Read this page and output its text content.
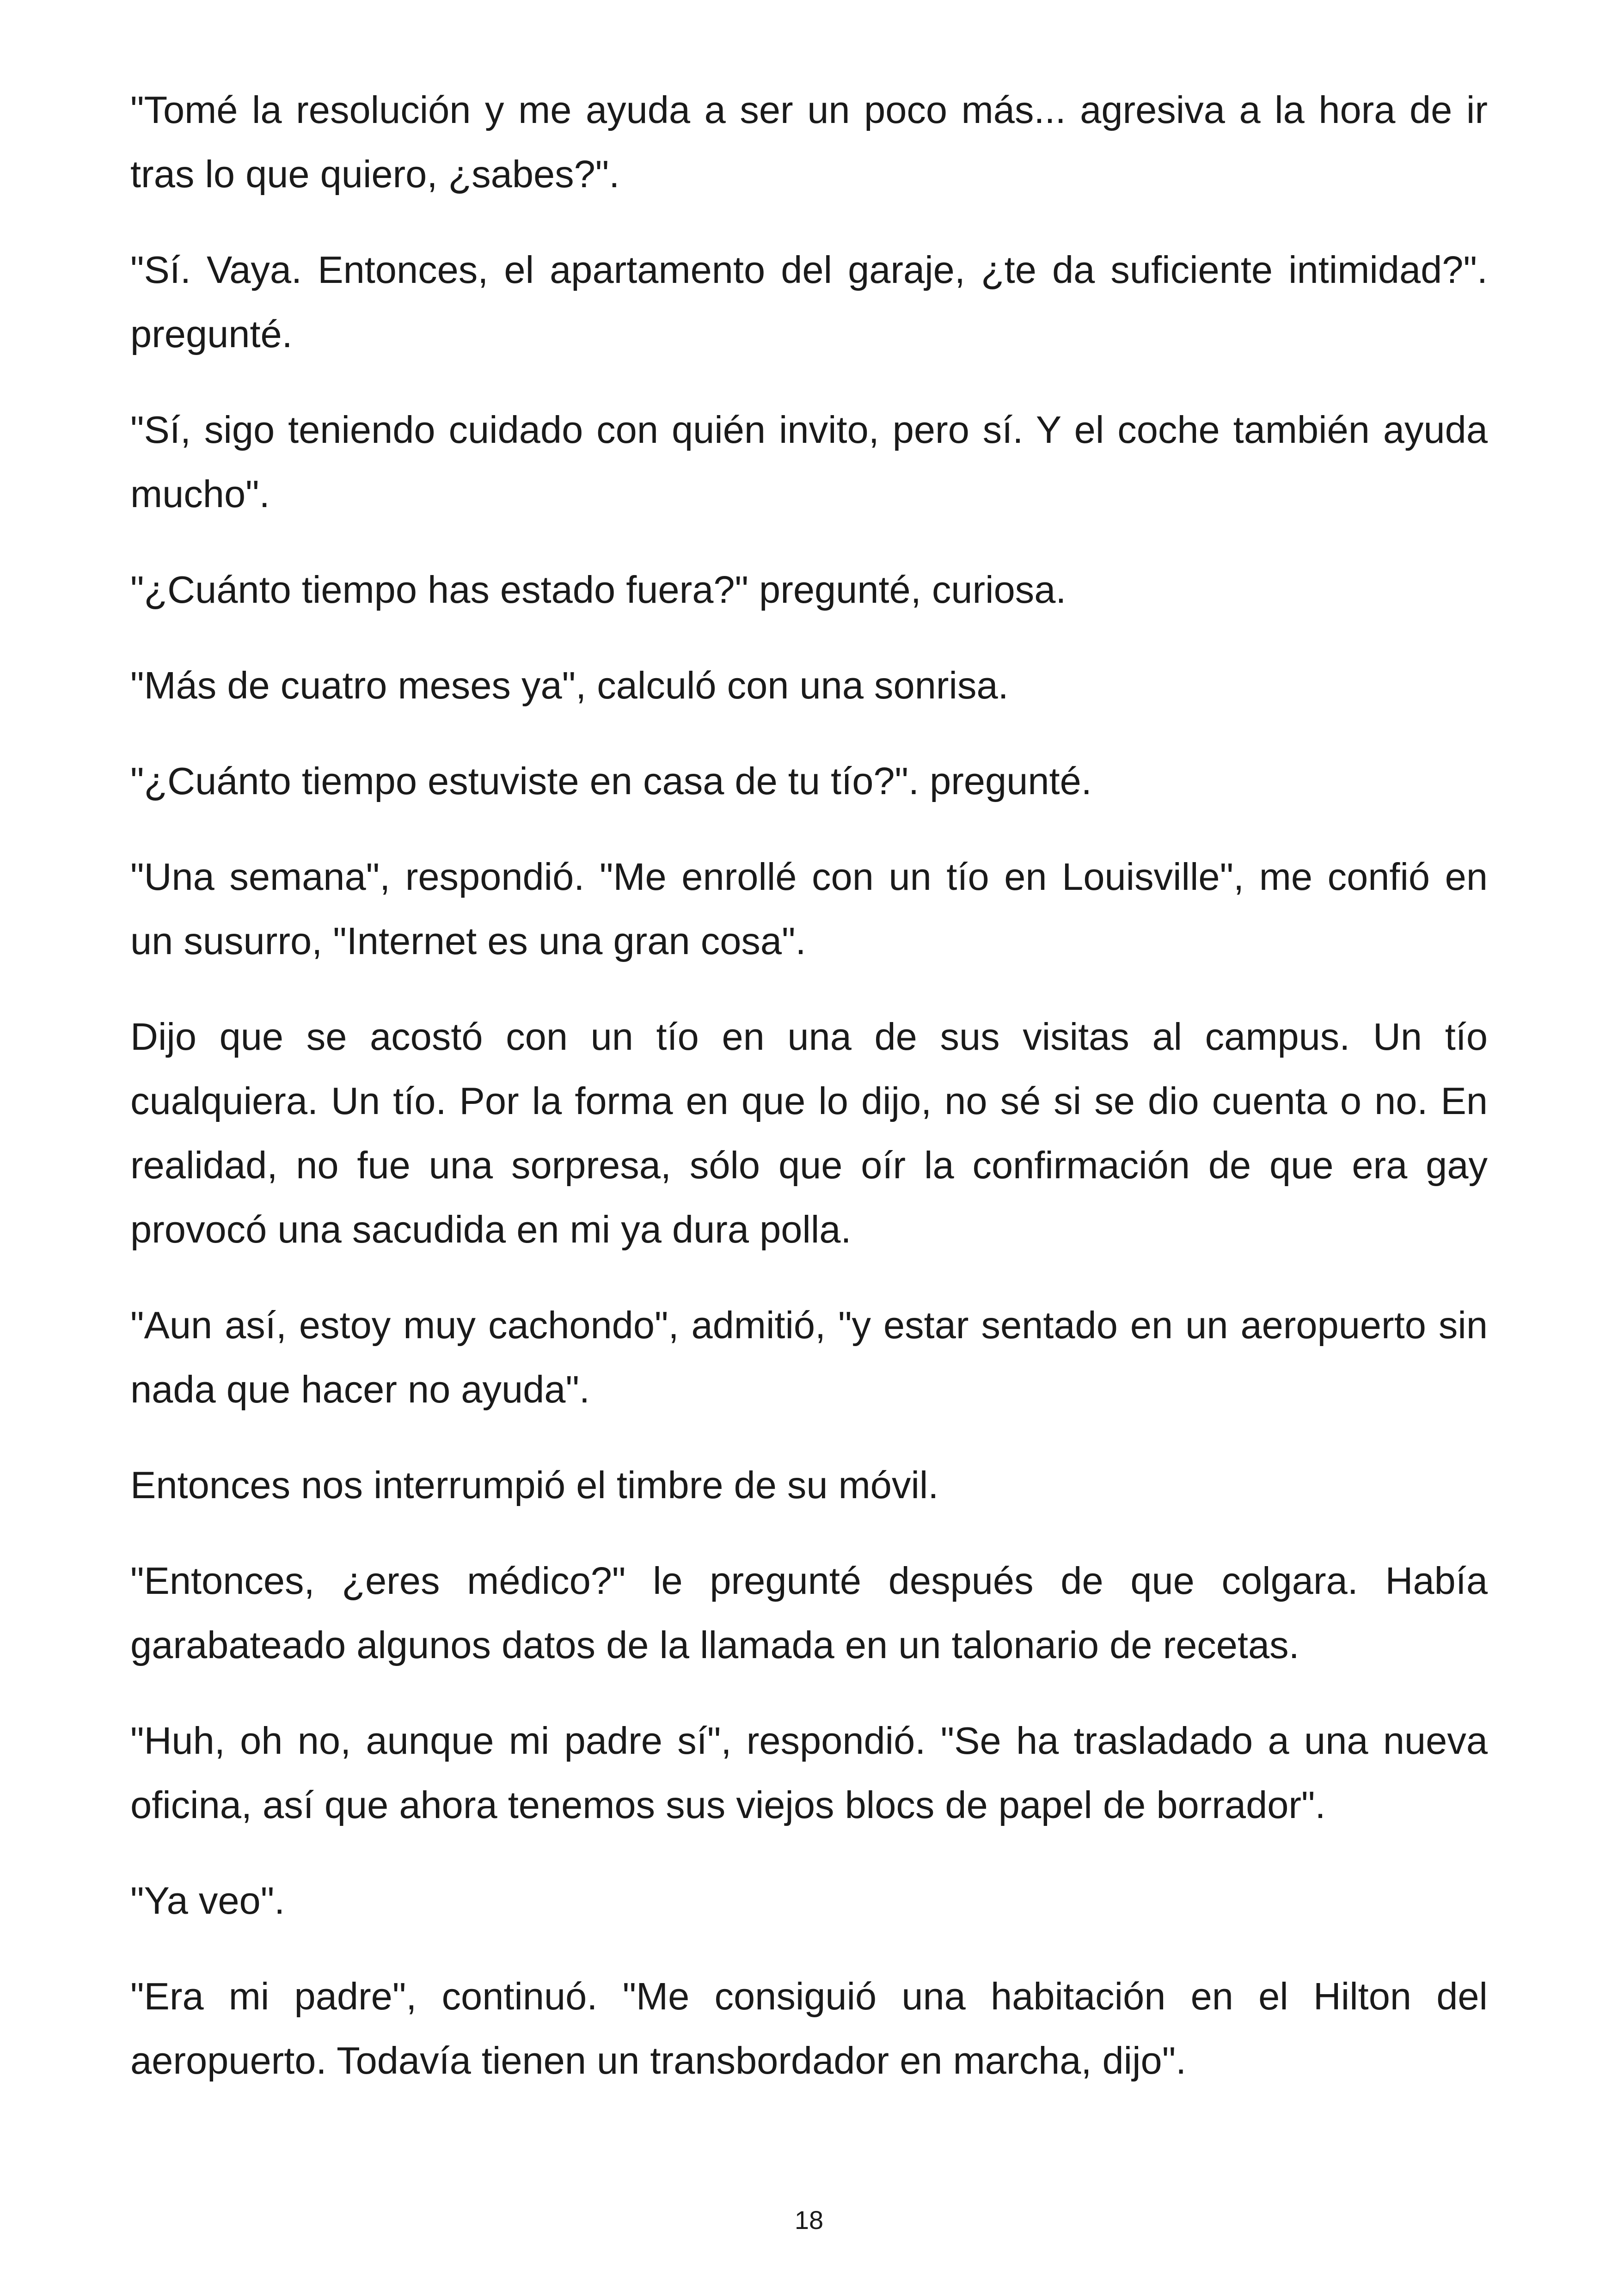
"Tomé la resolución y me ayuda a ser un poco más... agresiva a la hora de ir tras lo que quiero, ¿sabes?".

"Sí. Vaya. Entonces, el apartamento del garaje, ¿te da suficiente intimidad?". pregunté.

"Sí, sigo teniendo cuidado con quién invito, pero sí. Y el coche también ayuda mucho".

"¿Cuánto tiempo has estado fuera?" pregunté, curiosa.

"Más de cuatro meses ya", calculó con una sonrisa.

"¿Cuánto tiempo estuviste en casa de tu tío?". pregunté.

"Una semana", respondió. "Me enrollé con un tío en Louisville", me confió en un susurro, "Internet es una gran cosa".

Dijo que se acostó con un tío en una de sus visitas al campus. Un tío cualquiera. Un tío. Por la forma en que lo dijo, no sé si se dio cuenta o no. En realidad, no fue una sorpresa, sólo que oír la confirmación de que era gay provocó una sacudida en mi ya dura polla.

"Aun así, estoy muy cachondo", admitió, "y estar sentado en un aeropuerto sin nada que hacer no ayuda".

Entonces nos interrumpió el timbre de su móvil.

"Entonces, ¿eres médico?" le pregunté después de que colgara. Había garabateado algunos datos de la llamada en un talonario de recetas.

"Huh, oh no, aunque mi padre sí", respondió. "Se ha trasladado a una nueva oficina, así que ahora tenemos sus viejos blocs de papel de borrador".

"Ya veo".

"Era mi padre", continuó. "Me consiguió una habitación en el Hilton del aeropuerto. Todavía tienen un transbordador en marcha, dijo".

18
